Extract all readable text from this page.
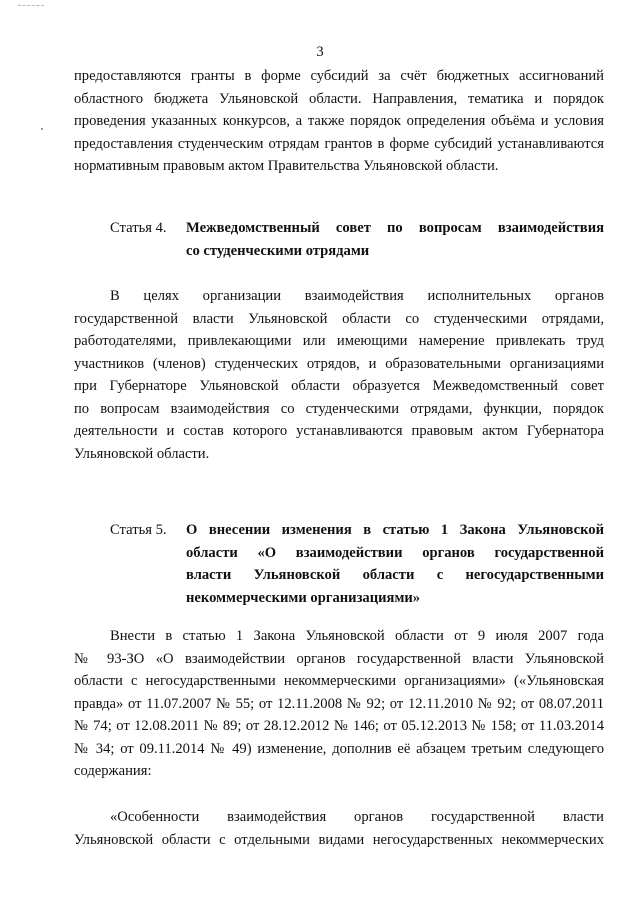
3
предоставляются гранты в форме субсидий за счёт бюджетных ассигнований
областного бюджета Ульяновской области. Направления, тематика и порядок
проведения указанных конкурсов, а также порядок определения объёма и условия
предоставления студенческим отрядам грантов в форме субсидий устанавливаются
нормативным правовым актом Правительства Ульяновской области.
Статья 4. Межведомственный совет по вопросам взаимодействия
со студенческими отрядами
В целях организации взаимодействия исполнительных органов
государственной власти Ульяновской области со студенческими отрядами,
работодателями, привлекающими или имеющими намерение привлекать труд
участников (членов) студенческих отрядов, и образовательными организациями
при Губернаторе Ульяновской области образуется Межведомственный совет
по вопросам взаимодействия со студенческими отрядами, функции, порядок
деятельности и состав которого устанавливаются правовым актом Губернатора
Ульяновской области.
Статья 5. О внесении изменения в статью 1 Закона Ульяновской
области «О взаимодействии органов государственной
власти Ульяновской области с негосударственными
некоммерческими организациями»
Внести в статью 1 Закона Ульяновской области от 9 июля 2007 года
№ 93-ЗО «О взаимодействии органов государственной власти Ульяновской
области с негосударственными некоммерческими организациями» («Ульяновская
правда» от 11.07.2007 № 55; от 12.11.2008 № 92; от 12.11.2010 № 92; от 08.07.2011
№ 74; от 12.08.2011 № 89; от 28.12.2012 № 146; от 05.12.2013 № 158; от 11.03.2014
№ 34; от 09.11.2014 № 49) изменение, дополнив её абзацем третьим следующего
содержания:
«Особенности взаимодействия органов государственной власти
Ульяновской области с отдельными видами негосударственных некоммерческих
